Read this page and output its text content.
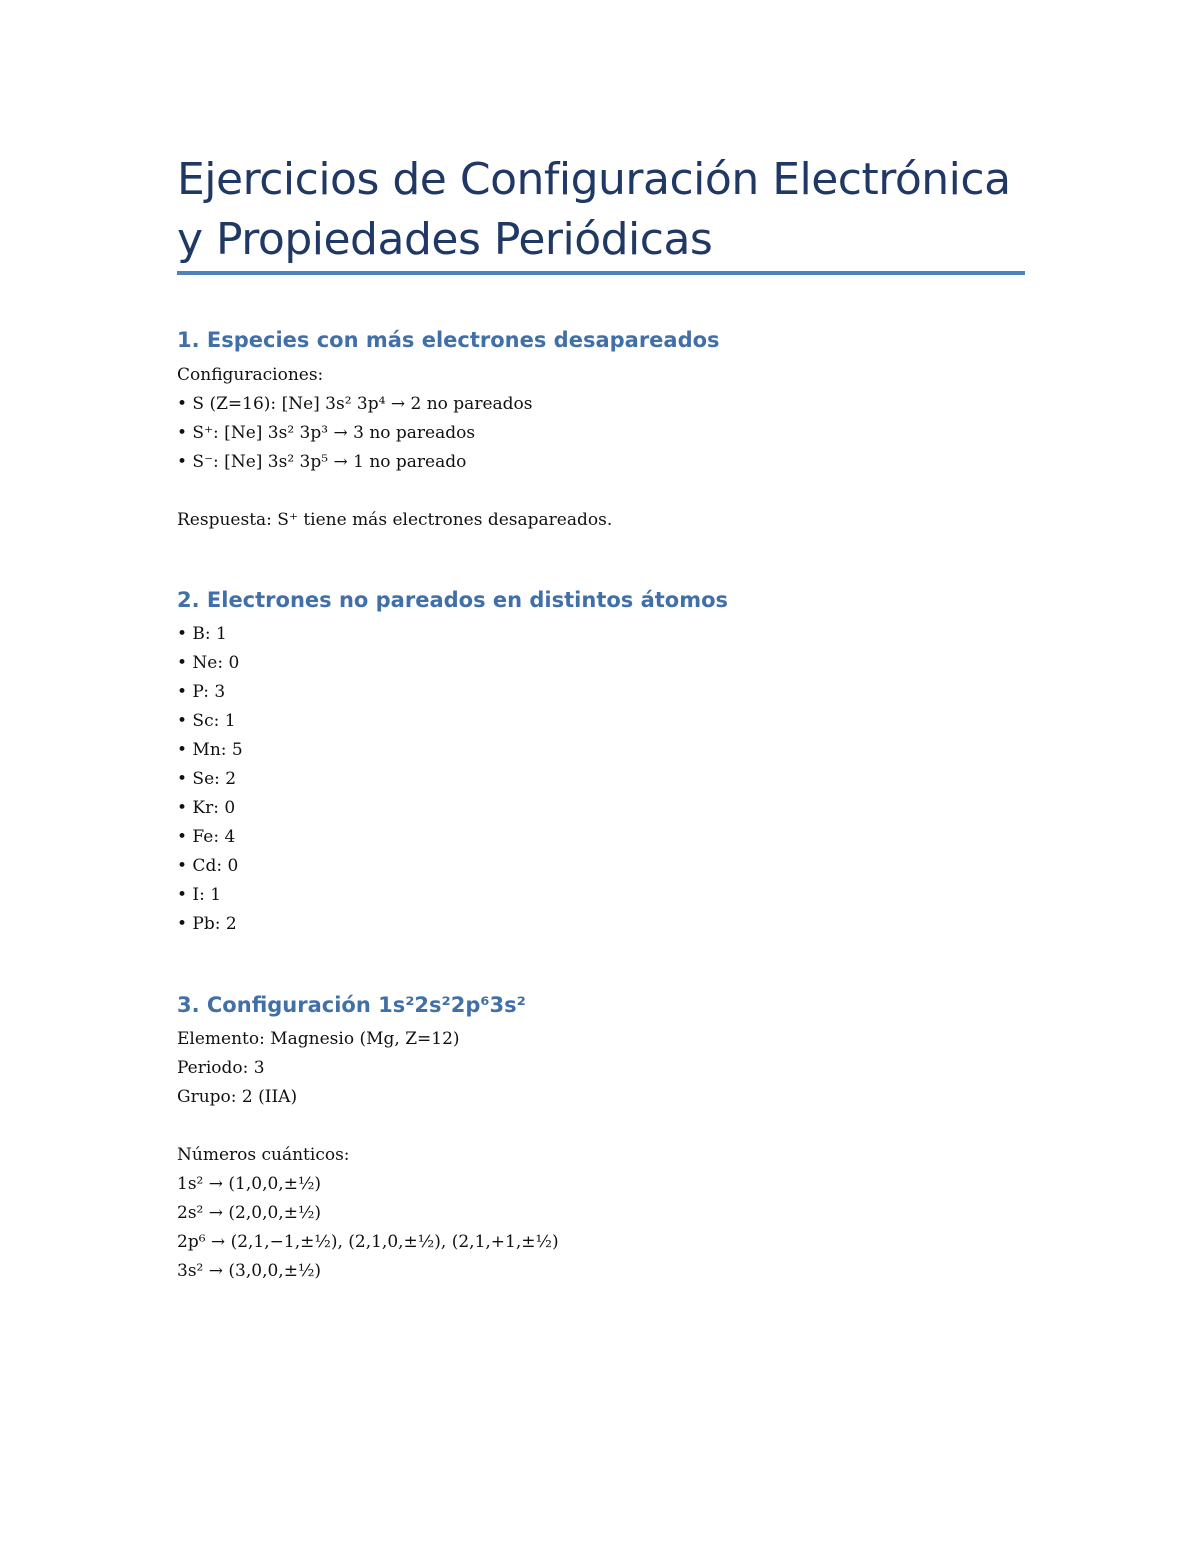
Ejercicios de Configuración Electrónica
y Propiedades Periódicas
1. Especies con más electrones desapareados
Configuraciones:
• S (Z=16): [Ne] 3s² 3p⁴ → 2 no pareados
• S⁺: [Ne] 3s² 3p³ → 3 no pareados
• S⁻: [Ne] 3s² 3p⁵ → 1 no pareado
Respuesta: S⁺ tiene más electrones desapareados.
2. Electrones no pareados en distintos átomos
• B: 1
• Ne: 0
• P: 3
• Sc: 1
• Mn: 5
• Se: 2
• Kr: 0
• Fe: 4
• Cd: 0
• I: 1
• Pb: 2
3. Configuración 1s²2s²2p⁶3s²
Elemento: Magnesio (Mg, Z=12)
Periodo: 3
Grupo: 2 (IIA)
Números cuánticos:
1s² → (1,0,0,±½)
2s² → (2,0,0,±½)
2p⁶ → (2,1,−1,±½), (2,1,0,±½), (2,1,+1,±½)
3s² → (3,0,0,±½)
